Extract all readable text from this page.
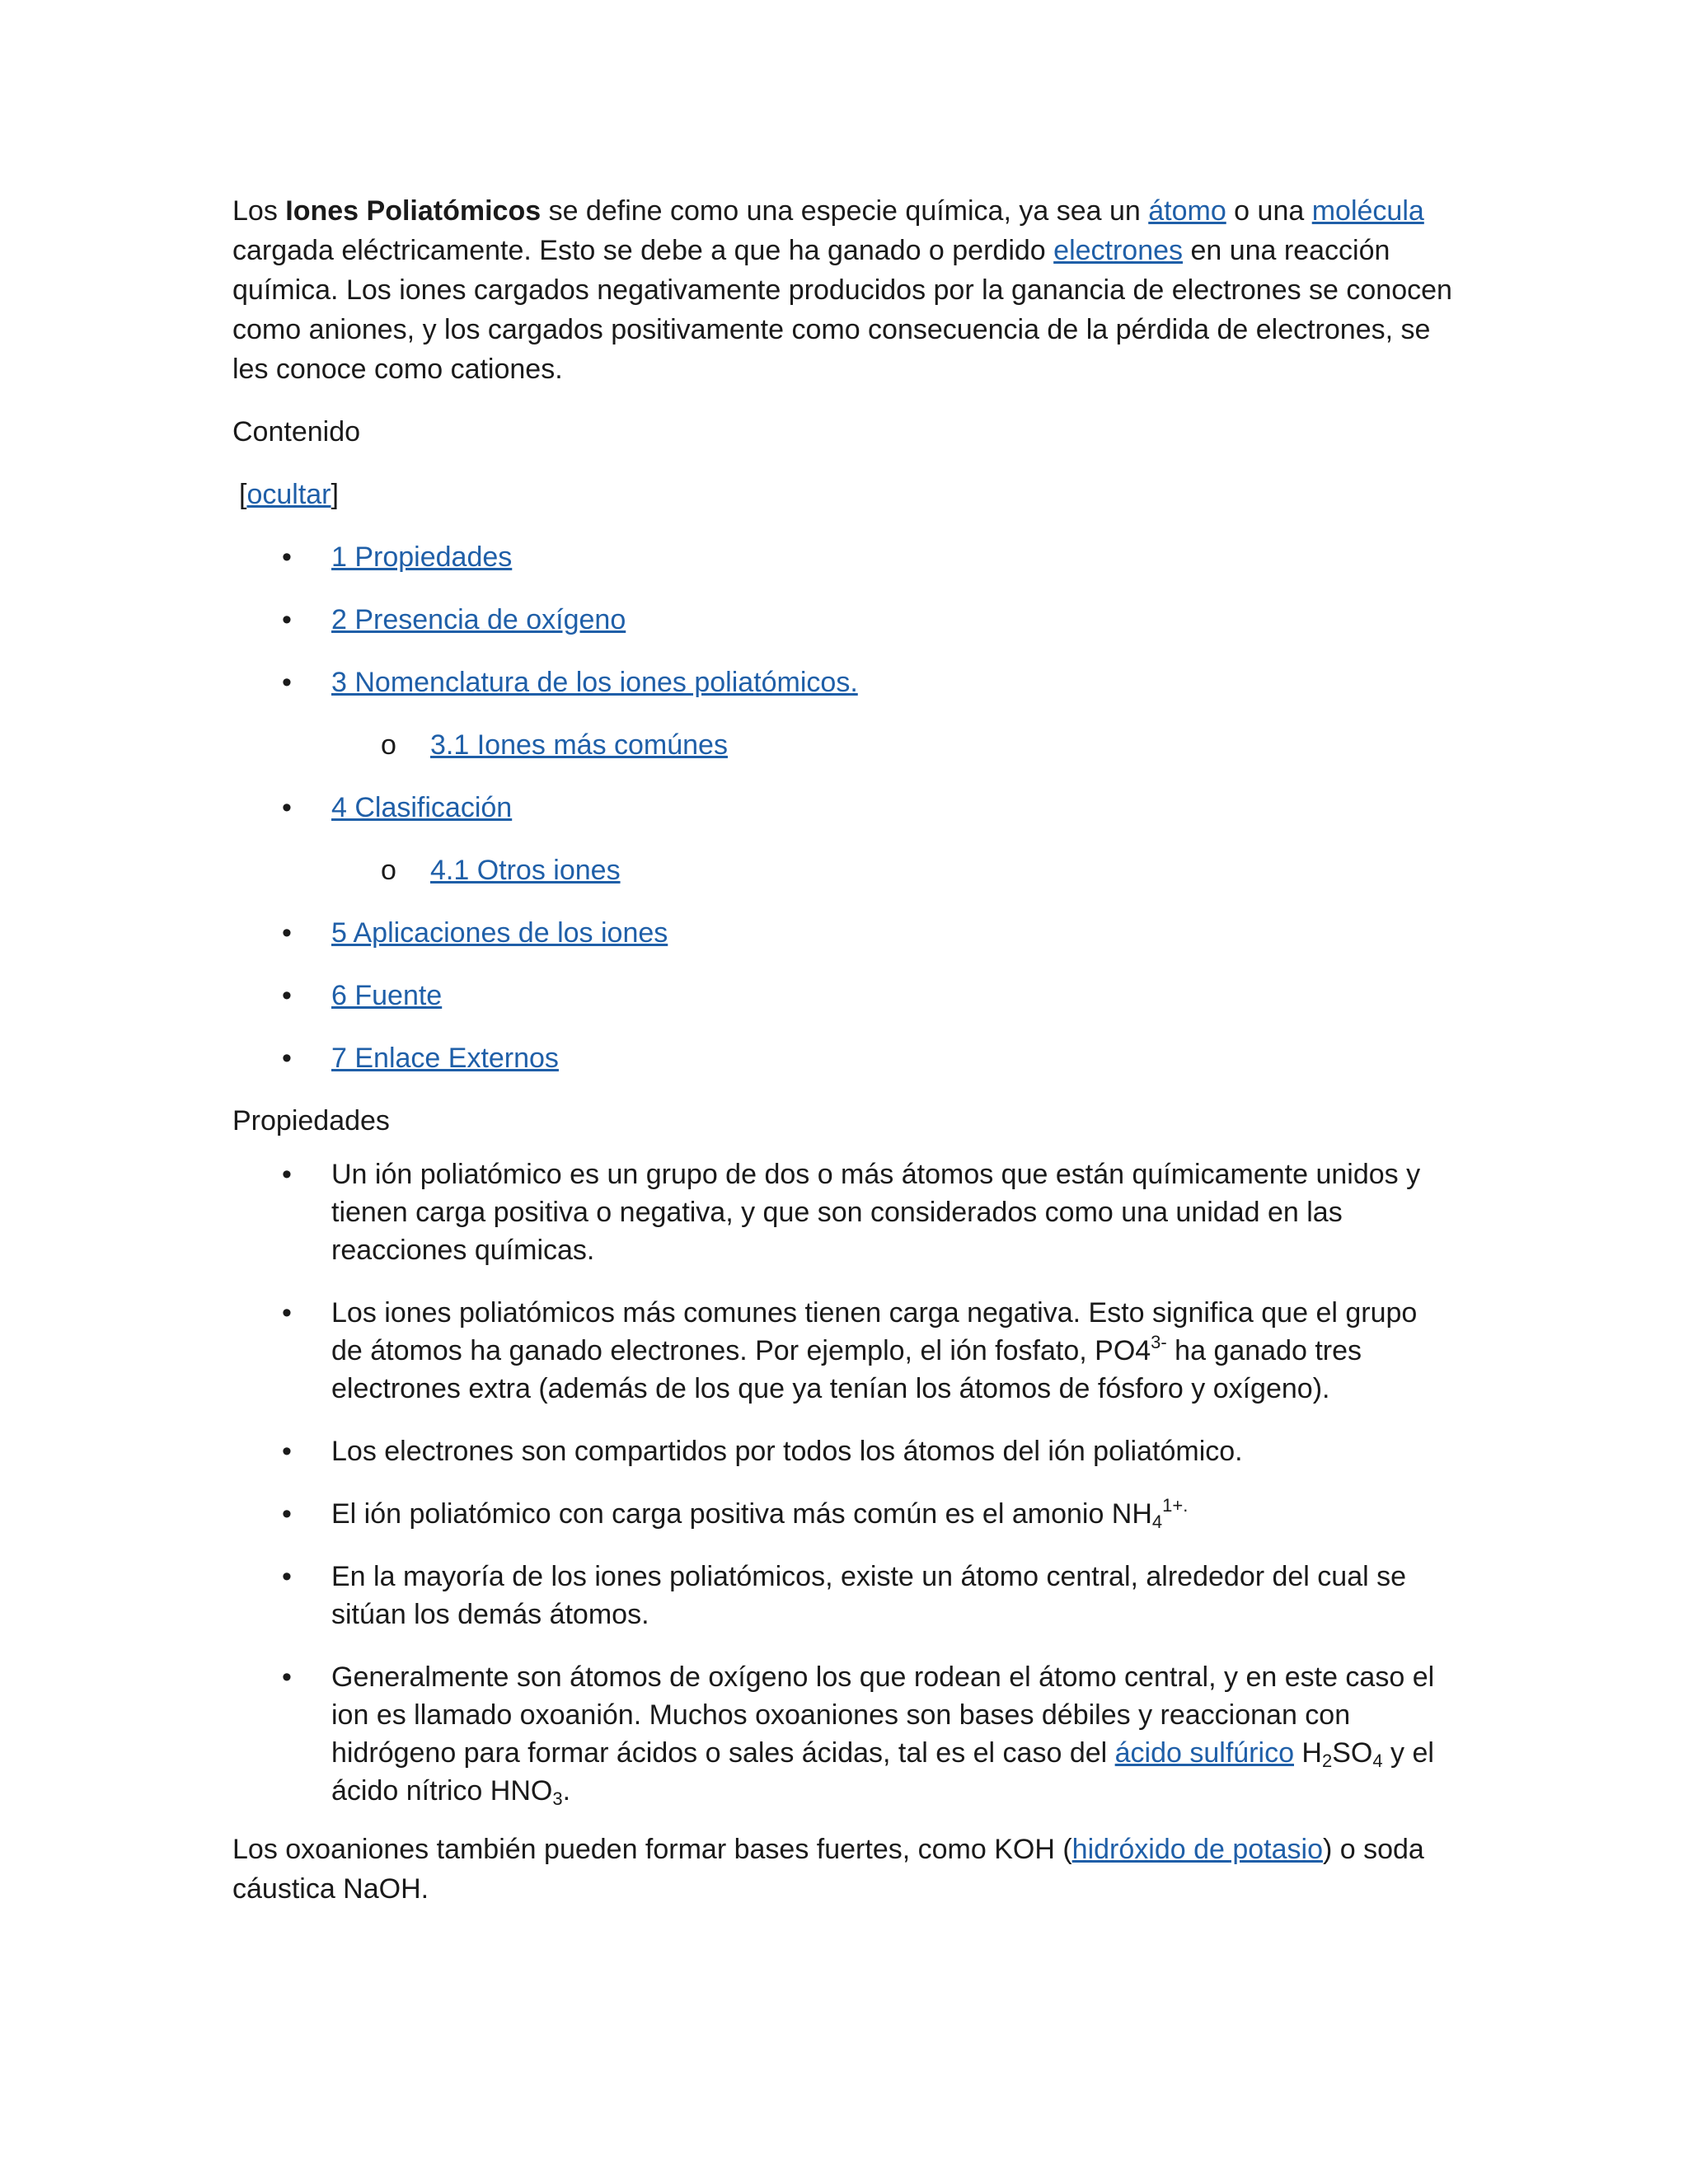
Los Iones Poliatómicos se define como una especie química, ya sea un átomo o una molécula cargada eléctricamente. Esto se debe a que ha ganado o perdido electrones en una reacción química. Los iones cargados negativamente producidos por la ganancia de electrones se conocen como aniones, y los cargados positivamente como consecuencia de la pérdida de electrones, se les conoce como cationes.

Contenido

[ocultar]

•	1 Propiedades
•	2 Presencia de oxígeno
•	3 Nomenclatura de los iones poliatómicos.
o	3.1 Iones más comúnes
•	4 Clasificación
o	4.1 Otros iones
•	5 Aplicaciones de los iones
•	6 Fuente
•	7 Enlace Externos

Propiedades

•	Un ión poliatómico es un grupo de dos o más átomos que están químicamente unidos y tienen carga positiva o negativa, y que son considerados como una unidad en las reacciones químicas.
•	Los iones poliatómicos más comunes tienen carga negativa. Esto significa que el grupo de átomos ha ganado electrones. Por ejemplo, el ión fosfato, $PO4^{3-}$ ha ganado tres electrones extra (además de los que ya tenían los átomos de fósforo y oxígeno).
•	Los electrones son compartidos por todos los átomos del ión poliatómico.
•	El ión poliatómico con carga positiva más común es el amonio $NH_4^{1+.}$
•	En la mayoría de los iones poliatómicos, existe un átomo central, alrededor del cual se sitúan los demás átomos.
•	Generalmente son átomos de oxígeno los que rodean el átomo central, y en este caso el ion es llamado oxoanión. Muchos oxoaniones son bases débiles y reaccionan con hidrógeno para formar ácidos o sales ácidas, tal es el caso del ácido sulfúrico $H_2SO_4$ y el ácido nítrico $HNO_3$.

Los oxoaniones también pueden formar bases fuertes, como KOH (hidróxido de potasio) o soda cáustica NaOH.
